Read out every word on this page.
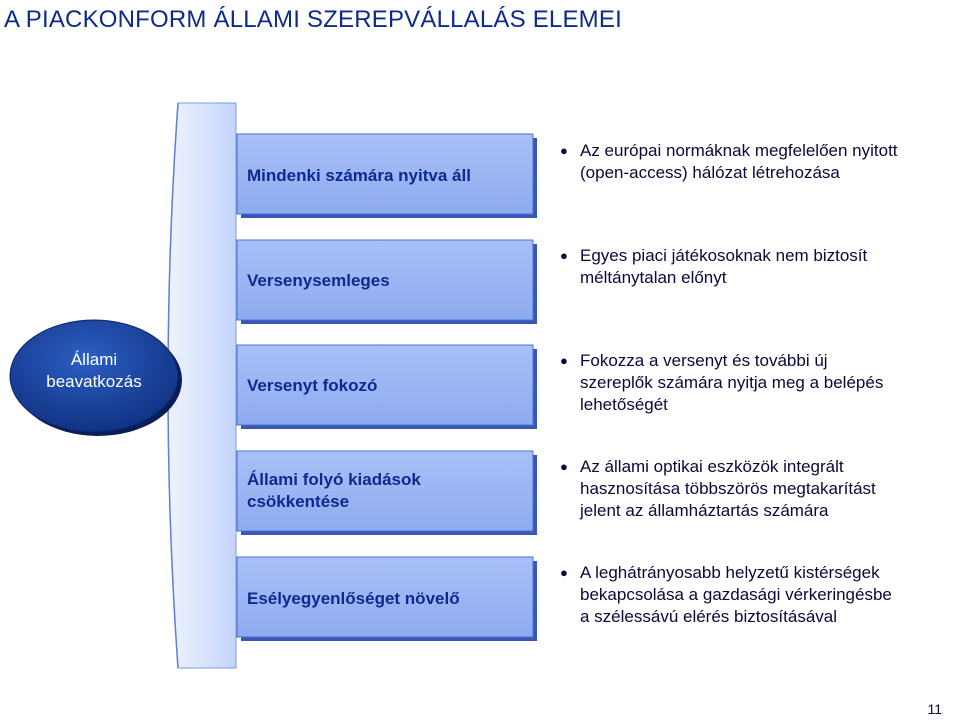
A PIACKONFORM ÁLLAMI SZEREPVÁLLALÁS ELEMEI
Állami
beavatkozás
Mindenki számára nyitva áll
Versenysemleges
Versenyt fokozó
Állami folyó kiadások
csökkentése
Esélyegyenlőséget növelő
● Az európai normáknak megfelelően nyitott
(open-access) hálózat létrehozása
● Egyes piaci játékosoknak nem biztosít
méltánytalan előnyt
● Fokozza a versenyt és további új
szereplők számára nyitja meg a belépés
lehetőségét
● Az állami optikai eszközök integrált
hasznosítása többszörös megtakarítást
jelent az államháztartás számára
● A leghátrányosabb helyzetű kistérségek
bekapcsolása a gazdasági vérkeringésbe
a szélessávú elérés biztosításával
11
